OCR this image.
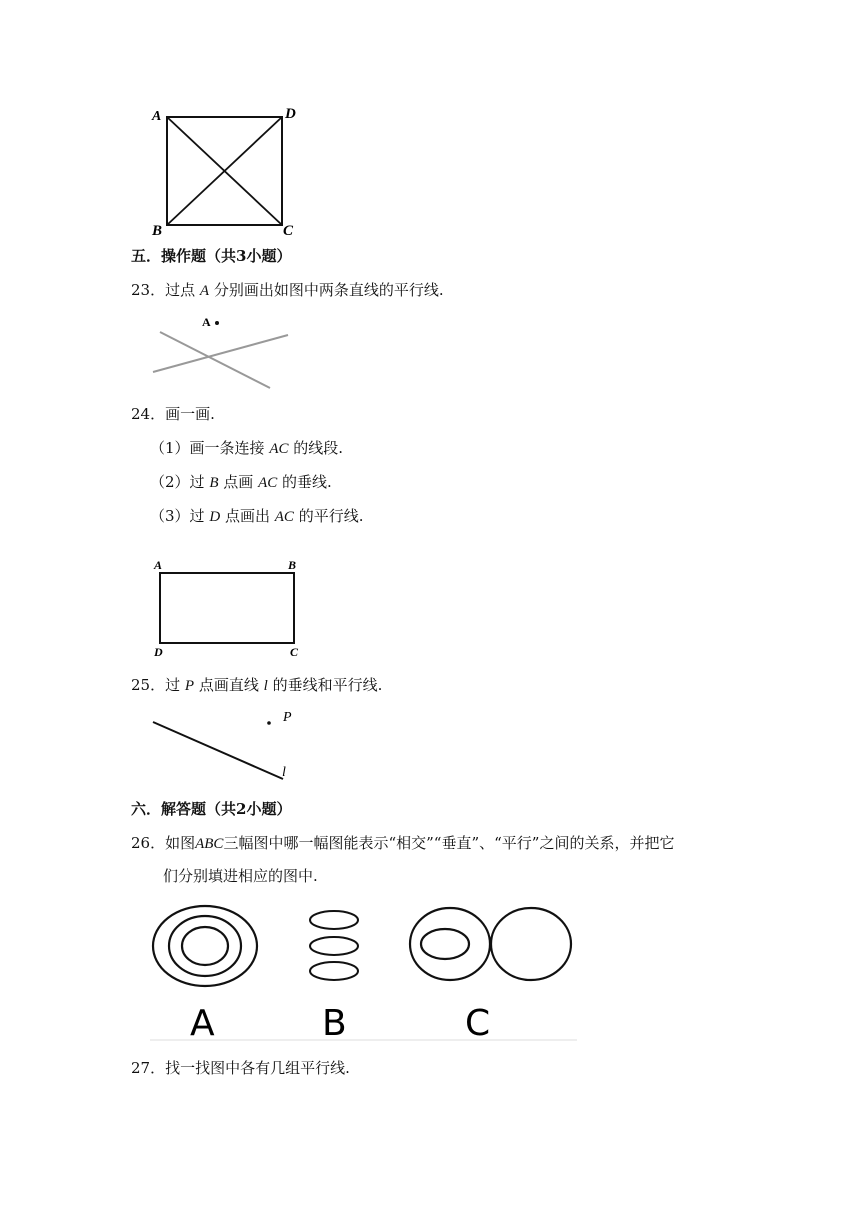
A	D
B	C
五．操作题（共3小题）
23．过点 A 分别画出如图中两条直线的平行线.
A
24．画一画.
（1）画一条连接 AC 的线段.
（2）过 B 点画 AC 的垂线.
（3）过 D 点画出 AC 的平行线.
A	B
D	C
25．过 P 点画直线 l 的垂线和平行线.
P
l
六．解答题（共2小题）
26．如图ABC三幅图中哪一幅图能表示“相交”“垂直”、“平行”之间的关系，并把它
们分别填进相应的图中.
A	B	C
27．找一找图中各有几组平行线.
